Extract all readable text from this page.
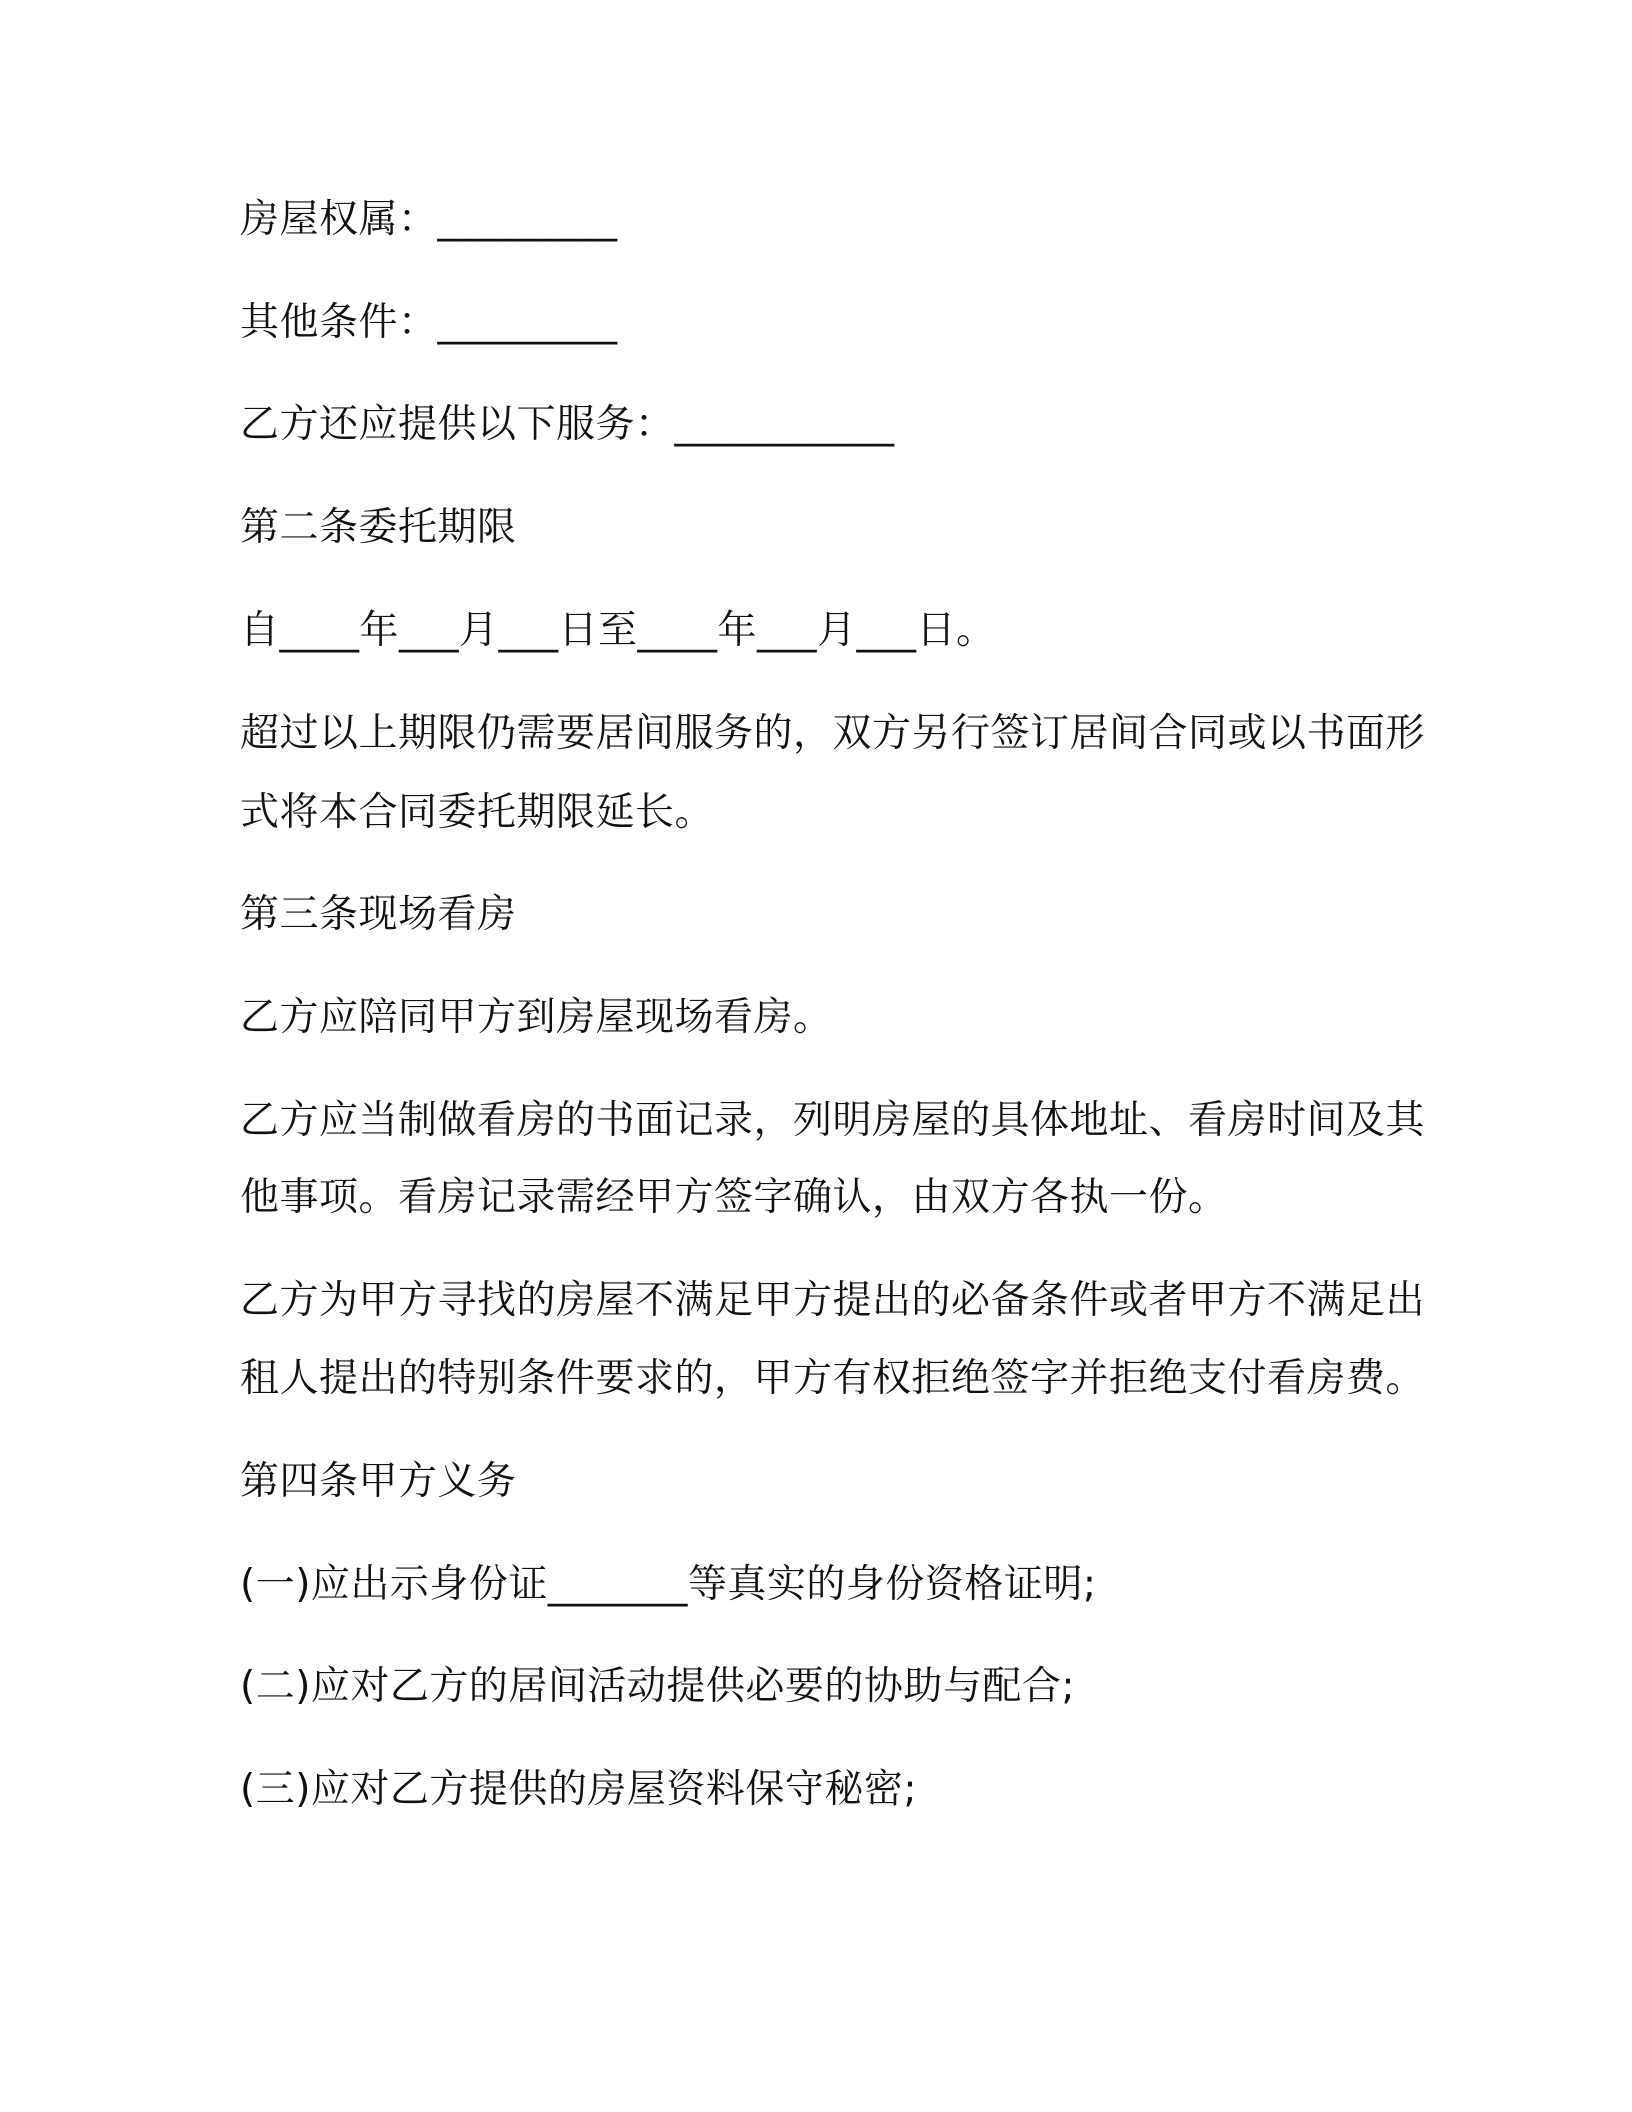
房屋权属：_________
其他条件：_________
乙方还应提供以下服务：___________
第二条委托期限
自____年___月___日至____年___月___日。
超过以上期限仍需要居间服务的，双方另行签订居间合同或以书面形
式将本合同委托期限延长。
第三条现场看房
乙方应陪同甲方到房屋现场看房。
乙方应当制做看房的书面记录，列明房屋的具体地址、看房时间及其
他事项。看房记录需经甲方签字确认，由双方各执一份。
乙方为甲方寻找的房屋不满足甲方提出的必备条件或者甲方不满足出
租人提出的特别条件要求的，甲方有权拒绝签字并拒绝支付看房费。
第四条甲方义务
(一)应出示身份证_______等真实的身份资格证明;
(二)应对乙方的居间活动提供必要的协助与配合;
(三)应对乙方提供的房屋资料保守秘密;
